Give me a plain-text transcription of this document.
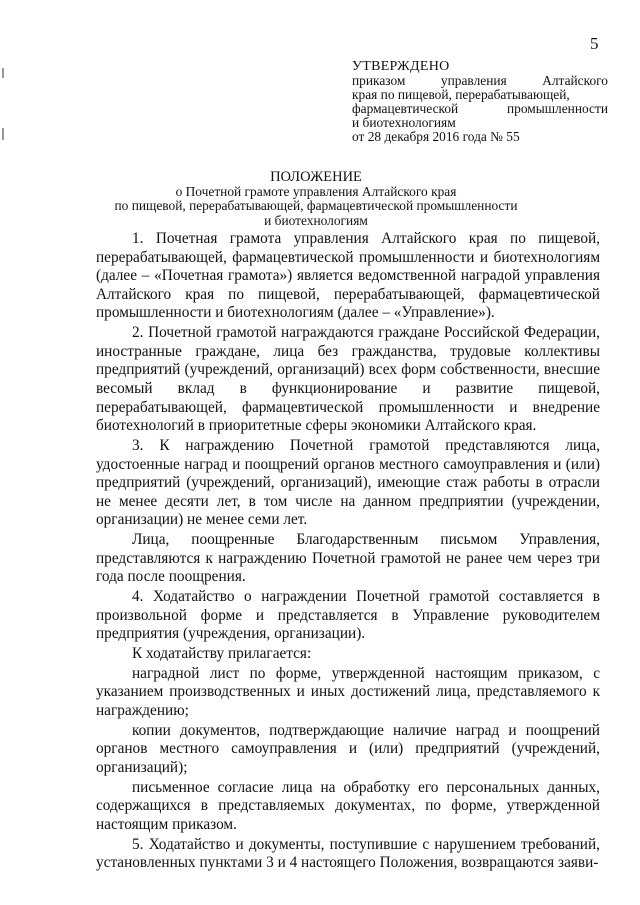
5
УТВЕРЖДЕНО
приказом управления Алтайского
края по пищевой, перерабатывающей,
фармацевтической промышленности
и биотехнологиям
от 28 декабря 2016 года № 55
ПОЛОЖЕНИЕ
о Почетной грамоте управления Алтайского края
по пищевой, перерабатывающей, фармацевтической промышленности
и биотехнологиям

1. Почетная грамота управления Алтайского края по пищевой, перерабатывающей, фармацевтической промышленности и биотехнологиям (далее – «Почетная грамота») является ведомственной наградой управления Алтайского края по пищевой, перерабатывающей, фармацевтической промышленности и биотехнологиям (далее – «Управление»).

2. Почетной грамотой награждаются граждане Российской Федерации, иностранные граждане, лица без гражданства, трудовые коллективы предприятий (учреждений, организаций) всех форм собственности, внесшие весомый вклад в функционирование и развитие пищевой, перерабатывающей, фармацевтической промышленности и внедрение биотехнологий в приоритетные сферы экономики Алтайского края.

3. К награждению Почетной грамотой представляются лица, удостоенные наград и поощрений органов местного самоуправления и (или) предприятий (учреждений, организаций), имеющие стаж работы в отрасли не менее десяти лет, в том числе на данном предприятии (учреждении, организации) не менее семи лет.

Лица, поощренные Благодарственным письмом Управления, представляются к награждению Почетной грамотой не ранее чем через три года после поощрения.

4. Ходатайство о награждении Почетной грамотой составляется в произвольной форме и представляется в Управление руководителем предприятия (учреждения, организации).

К ходатайству прилагается:

наградной лист по форме, утвержденной настоящим приказом, с указанием производственных и иных достижений лица, представляемого к награждению;

копии документов, подтверждающие наличие наград и поощрений органов местного самоуправления и (или) предприятий (учреждений, организаций);

письменное согласие лица на обработку его персональных данных, содержащихся в представляемых документах, по форме, утвержденной настоящим приказом.

5. Ходатайство и документы, поступившие с нарушением требований, установленных пунктами 3 и 4 настоящего Положения, возвращаются заяви-
